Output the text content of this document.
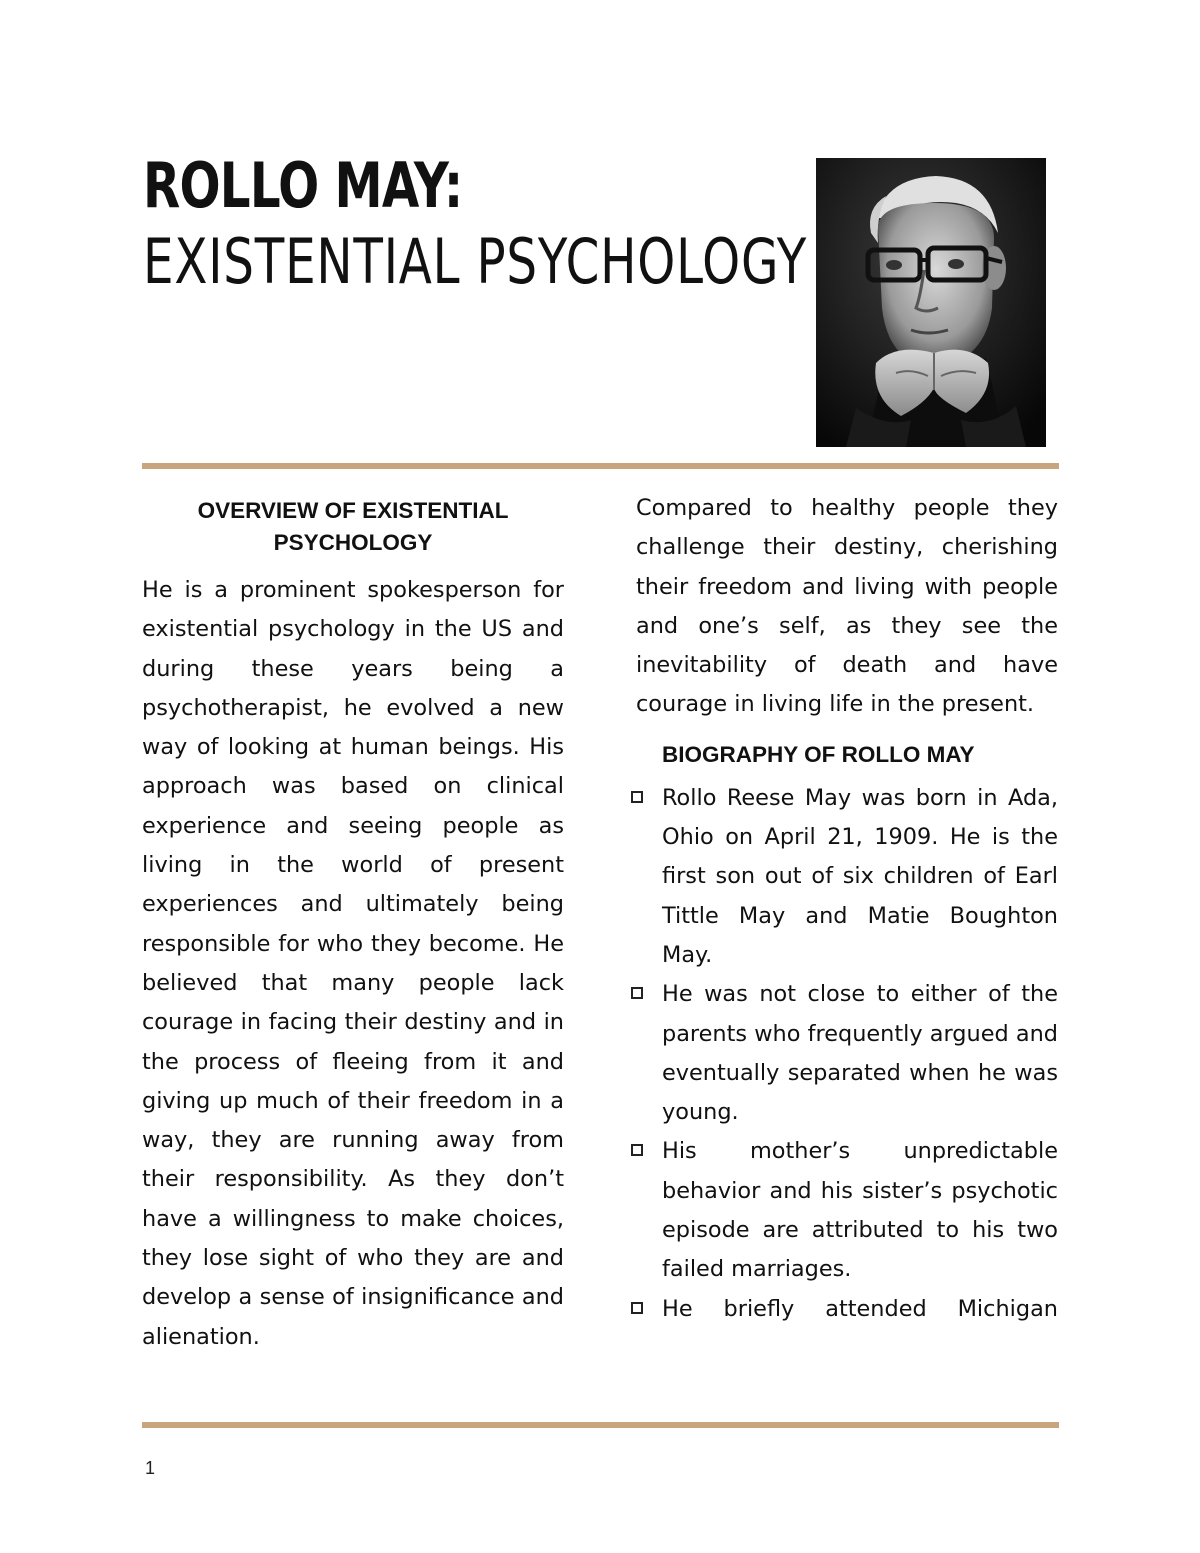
ROLLO MAY:
EXISTENTIAL PSYCHOLOGY
OVERVIEW OF EXISTENTIAL PSYCHOLOGY

He is a prominent spokesperson for existential psychology in the US and during these years being a psychotherapist, he evolved a new way of looking at human beings. His approach was based on clinical experience and seeing people as living in the world of present experiences and ultimately being responsible for who they become. He believed that many people lack courage in facing their destiny and in the process of fleeing from it and giving up much of their freedom in a way, they are running away from their responsibility. As they don’t have a willingness to make choices, they lose sight of who they are and develop a sense of insignificance and alienation.

Compared to healthy people they challenge their destiny, cherishing their freedom and living with people and one’s self, as they see the inevitability of death and have courage in living life in the present.

BIOGRAPHY OF ROLLO MAY
Rollo Reese May was born in Ada, Ohio on April 21, 1909. He is the first son out of six children of Earl Tittle May and Matie Boughton May.
He was not close to either of the parents who frequently argued and eventually separated when he was young.
His mother’s unpredictable behavior and his sister’s psychotic episode are attributed to his two failed marriages.
He briefly attended Michigan
1
